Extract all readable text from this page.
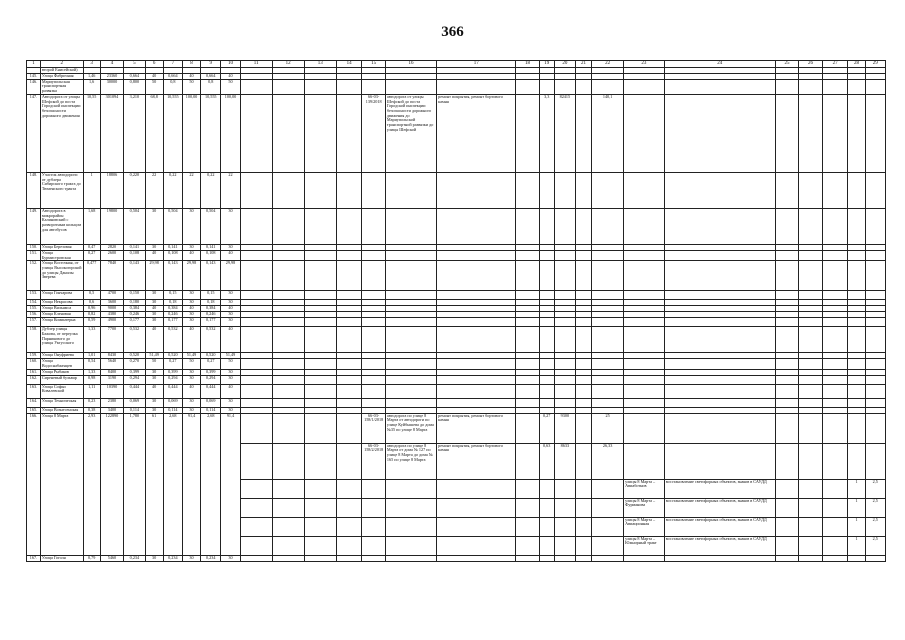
366
1	2	3	4	5	6	7	8	9	10	11	12	13	14	15	16	17	18	19	20	21	22	23	24	25	26	27	28	29
	второй Енисейской)																											
145.	Улица Фабричная	1,46	23360	0,664	40	0,664	40	0,664	40																			
146.	Мариупольская транспортная развязка	1,6	30000	0,800	50	0,8	50	0,8	50																			
147.	Автодорога от улицы Шефской до поста Городской инспекции безопасности дорожного движения	10,55	301094	3,210	68,8	10,555	100,00	10,555	100,00					66-03-139/2018	автодорога от улицы Шефской до поста Городской инспекции безопасности дорожного движения до Мариупольской транспортной развязки до улицы Шефской	ремонт покрытия, ремонт бортового камня		3,3	82415		140,1							
148.	Участок автодороги от дублера Сибирского тракта до Тюменского тракта	1	18806	0,220	22	0,22	22	0,22	22																			
149.	Автодорога в микрорайон Калиновский с разворотным кольцом для автобусов	1,68	19800	0,504	30	0,504	30	0,504	30																			
150.	Улица Березовая	0,47	2820	0,141	30	0,141	30	0,141	30																			
151.	Улица Бурмистровская	0,27	2600	0,108	40	0,108	40	0,108	40																			
152.	Улица Восточная, от улицы Высокогорской до улицы Данилы Зверева	0,477	7840	0,143	29,98	0,143	29,98	0,143	29,98																			
153.	Улица Гончарова	0,5	4700	0,150	30	0,15	30	0,15	30																			
154.	Улица Некрасова	0,6	3600	0,180	30	0,18	30	0,18	30																			
155.	Улица Вильямса	0,96	9000	0,384	40	0,384	40	0,384	40																			
156.	Улица Кленовая	0,82	4380	0,246	30	0,246	30	0,246	30																			
157.	Улица Коминтерна	0,59	4900	0,177	30	0,177	30	0,177	30																			
158.	Дублер улицы Бажова, от переулка Парникового до улицы Уктусского	1,33	7700	0,532	40	0,532	40	0,532	40																			
159.	Улица Онуфриева	1,01	8430	0,520	51,49	0,520	51,49	0,520	51,49																			
160.	Улица Водоснабженцев	0,54	5640	0,270	50	0,27	50	0,27	50																			
161.	Улица Рыбаков	1,33	8400	0,399	30	0,399	30	0,399	30																			
162.	Сиреневый бульвар	0,98	3190	0,294	30	0,294	30	0,294	30																			
163.	Улица Софьи Ковалевской	1,11	10390	0,444	40	0,444	40	0,444	40																			
164.	Улица Техническая	0,23	2380	0,069	30	0,069	30	0,069	30																			
165.	Улица Вознесенская	0,38	3400	0,114	30	0,114	30	0,114	30																			
166.	Улица 8 Марта	2,93	122890	1,780	61	2,68	91,4	2,68	91,4					66-03-158/1/2018	автодорога по улице 8 Марта от автодороги по улице Куйбышева до дома №35 по улице 8 Марта	ремонт покрытия, ремонт бортового камня		0,27	9300		25							
														66-03-158/2/2018	автодорога по улице 8 Марта от дома № 127 по улице 8 Марта до дома № 165 по улице 8 Марта	ремонт покрытия, ремонт бортового камня		0,63	8633		26,33							
																						улицы 8 Марта – Авиаботнов	восстановление светофорных объектов, знаков в САУДД				1	2,5
																						улицы 8 Марта – Фурманова	восстановление светофорных объектов, знаков в САУДД				1	2,5
																						улицы 8 Марта – Авиационная	восстановление светофорных объектов, знаков в САУДД				1	2,5
																						улицы 8 Марта – Южнорный тракт	восстановление светофорных объектов, знаков в САУДД				1	2,5
167.	Улица Гоголя	0,79	5460	0,234	30	0,234	30	0,234	30																			
